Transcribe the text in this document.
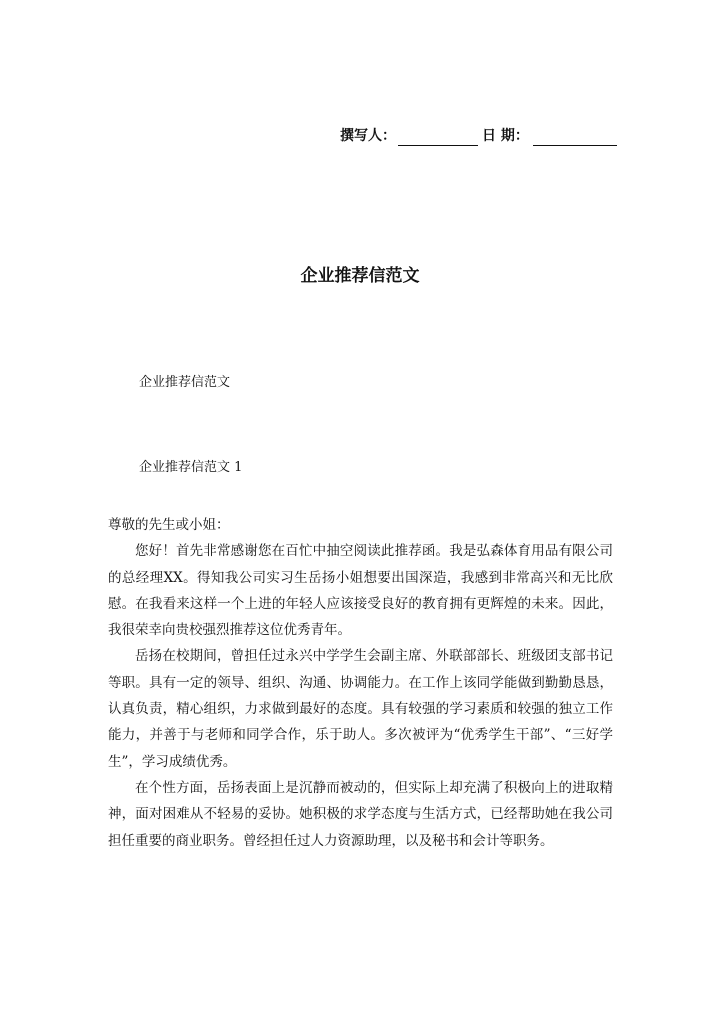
撰写人：	日 期：
企业推荐信范文
企业推荐信范文
企业推荐信范文 1

尊敬的先生或小姐：

您好！首先非常感谢您在百忙中抽空阅读此推荐函。我是弘森体育用品有限公司的总经理XX。得知我公司实习生岳扬小姐想要出国深造，我感到非常高兴和无比欣慰。在我看来这样一个上进的年轻人应该接受良好的教育拥有更辉煌的未来。因此，我很荣幸向贵校强烈推荐这位优秀青年。

岳扬在校期间，曾担任过永兴中学学生会副主席、外联部部长、班级团支部书记等职。具有一定的领导、组织、沟通、协调能力。在工作上该同学能做到勤勤恳恳，认真负责，精心组织，力求做到最好的态度。具有较强的学习素质和较强的独立工作能力，并善于与老师和同学合作，乐于助人。多次被评为“优秀学生干部”、“三好学生”，学习成绩优秀。

在个性方面，岳扬表面上是沉静而被动的，但实际上却充满了积极向上的进取精神，面对困难从不轻易的妥协。她积极的求学态度与生活方式，已经帮助她在我公司担任重要的商业职务。曾经担任过人力资源助理，以及秘书和会计等职务。
